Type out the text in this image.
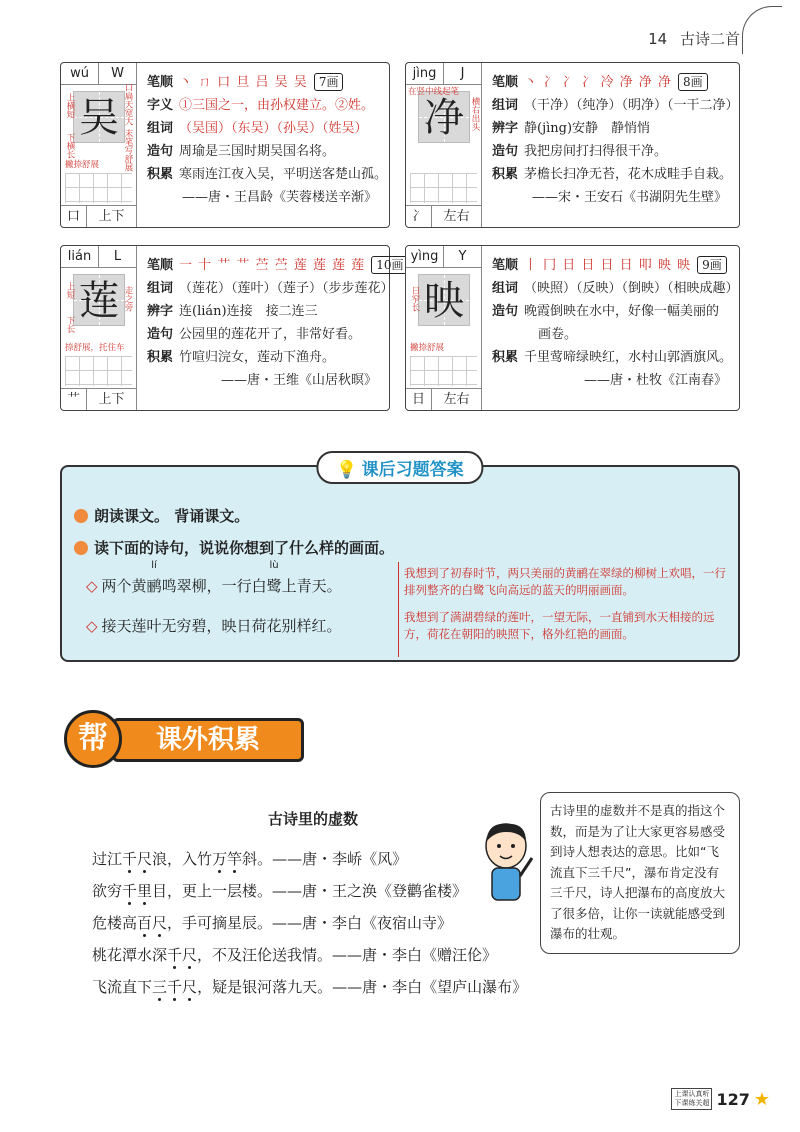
14 古诗二首
wú	W
吴
上横短
下横长
口扁天宽大
末笔写舒展
撇捺舒展
口	上下
笔顺 丶 ㄇ 口 旦 吕 吴 吴 7画
字义 ①三国之一，由孙权建立。②姓。
组词 （吴国）（东吴）（孙吴）（姓吴）
造句 周瑜是三国时期吴国名将。
积累 寒雨连江夜入吴，平明送客楚山孤。
——唐・王昌龄《芙蓉楼送辛渐》
jìng	J
净
在竖中线起笔
横右出头
冫	左右
笔顺 丶 冫 冫 冫 冷 净 净 净 8画
组词 （干净）（纯净）（明净）（一干二净）
辨字 静(jìng)安静　静悄悄
造句 我把房间打扫得很干净。
积累 茅檐长扫净无苔，花木成畦手自栽。
——宋・王安石《书湖阴先生壁》
lián	L
莲
上短
下长
走之旁
捺舒展，托住车
艹	上下
笔顺 一 十 艹 艹 苎 苎 莲 莲 莲 莲 10画
组词 （莲花）（莲叶）（莲子）（步步莲花）
辨字 连(lián)连接　接二连三
造句 公园里的莲花开了，非常好看。
积累 竹喧归浣女，莲动下渔舟。
——唐・王维《山居秋暝》
yìng	Y
映
日窄长
撇捺舒展
日	左右
笔顺 丨 冂 日 日 日 日 叩 映 映 9画
组词 （映照）（反映）（倒映）（相映成趣）
造句 晚霞倒映在水中，好像一幅美丽的
画卷。
积累 千里莺啼绿映红，水村山郭酒旗风。
——唐・杜牧《江南春》
💡 课后习题答案
朗读课文。 背诵课文。
读下面的诗句，说说你想到了什么样的画面。
◇ 两个黄
lí
鹂鸣翠柳，一行白
lù
鹭上青天。
◇ 接天莲叶无穷碧，映日荷花别样红。
我想到了初春时节，两只美丽的黄鹂在翠绿的柳树上欢唱，一行排列整齐的白鹭飞向高远的蓝天的明丽画面。
我想到了满湖碧绿的莲叶，一望无际，一直铺到水天相接的远方，荷花在朝阳的映照下，格外红艳的画面。
帮	课外积累
古诗里的虚数
过江千尺浪，入竹万竿斜。——唐・李峤《风》
欲穷千里目，更上一层楼。——唐・王之涣《登鹳雀楼》
危楼高百尺，手可摘星辰。——唐・李白《夜宿山寺》
桃花潭水深千尺，不及汪伦送我情。——唐・李白《赠汪伦》
飞流直下三千尺，疑是银河落九天。——唐・李白《望庐山瀑布》
古诗里的虚数并不是真的指这个数，而是为了让大家更容易感受到诗人想表达的意思。比如“飞流直下三千尺”，瀑布肯定没有三千尺，诗人把瀑布的高度放大了很多倍，让你一读就能感受到瀑布的壮观。
上课认真听
下课练关超 127 ★
